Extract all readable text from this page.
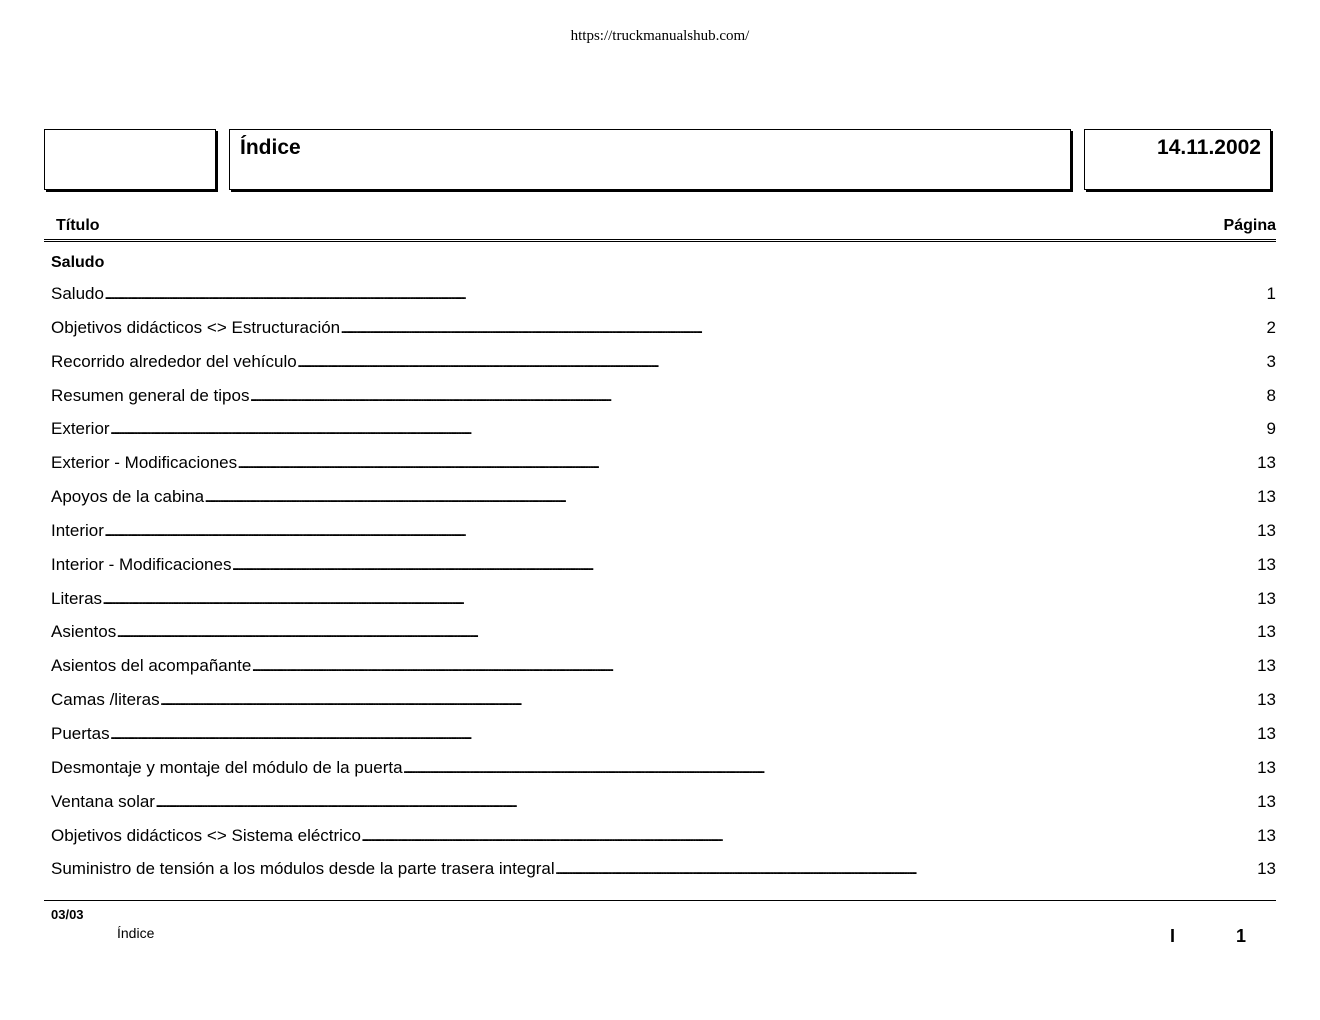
https://truckmanualshub.com/
Índice	14.11.2002
Título	Página
Saludo
Saludo . . .	1
Objetivos didácticos <> Estructuración . . .	2
Recorrido alrededor del vehículo . . .	3
Resumen general de tipos . . .	8
Exterior . . .	9
Exterior - Modificaciones . . .	13
Apoyos de la cabina . . .	13
Interior . . .	13
Interior - Modificaciones . . .	13
Literas . . .	13
Asientos . . .	13
Asientos del acompañante . . .	13
Camas /literas . . .	13
Puertas . . .	13
Desmontaje y montaje del módulo de la puerta . . .	13
Ventana solar . . .	13
Objetivos didácticos <> Sistema eléctrico . . .	13
Suministro de tensión a los módulos desde la parte trasera integral . . .	13
03/03
Índice	I	1
